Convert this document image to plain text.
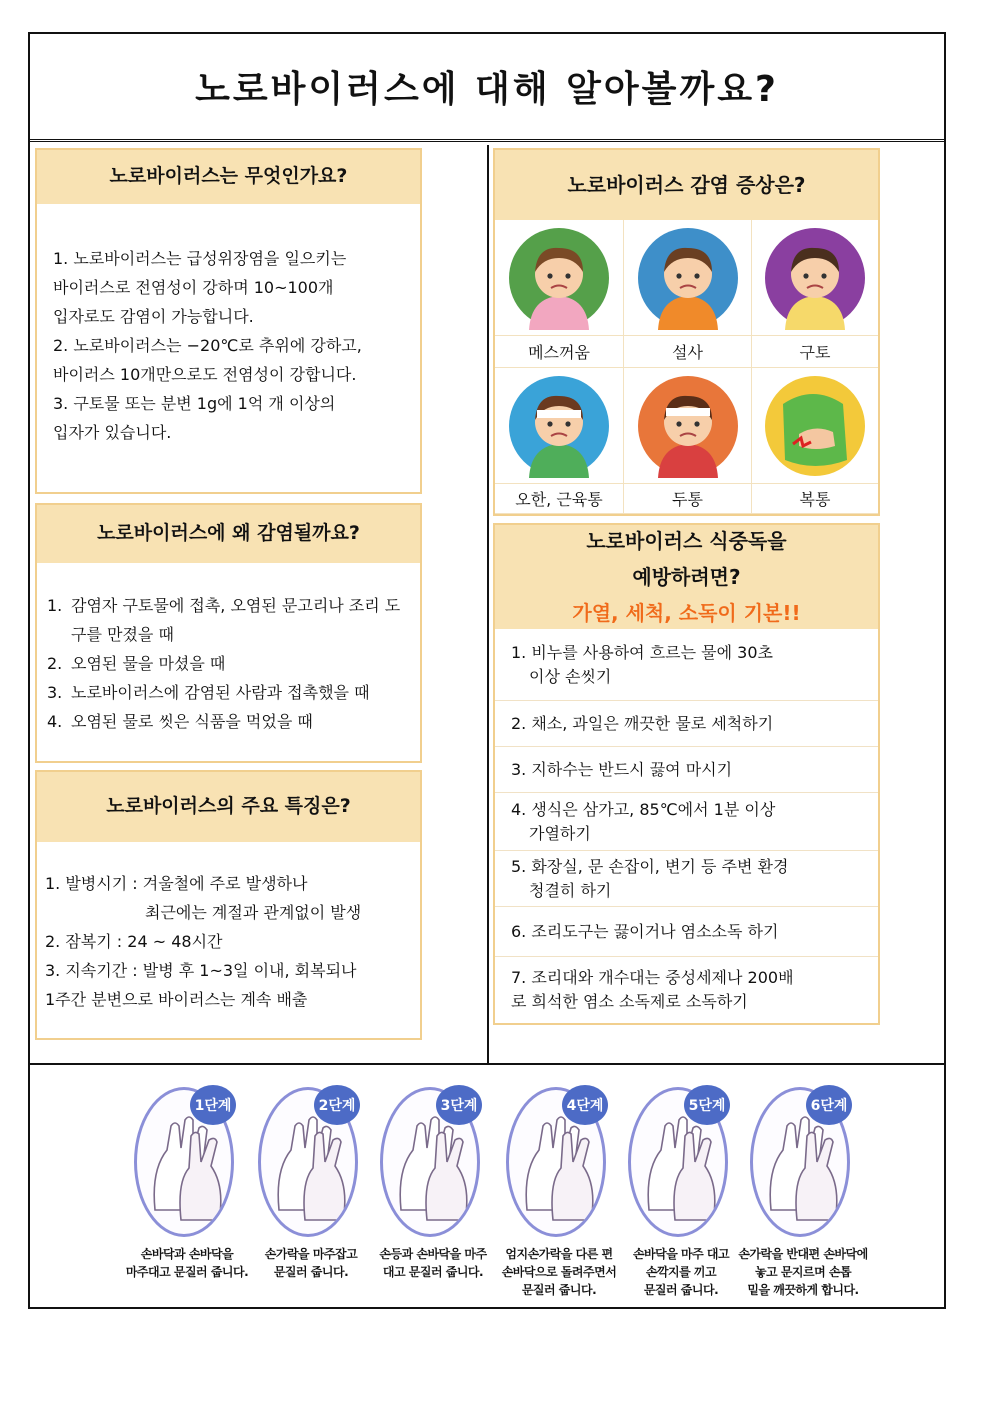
노로바이러스에 대해 알아볼까요?
노로바이러스는 무엇인가요?
1. 노로바이러스는 급성위장염을 일으키는
바이러스로 전염성이 강하며 10~100개
입자로도 감염이 가능합니다.
2. 노로바이러스는 −20℃로 추위에 강하고,
바이러스 10개만으로도 전염성이 강합니다.
3. 구토물 또는 분변 1g에 1억 개 이상의
입자가 있습니다.
노로바이러스에 왜 감염될까요?
1. 감염자 구토물에 접촉, 오염된 문고리나 조리 도구를 만졌을 때
2. 오염된 물을 마셨을 때
3. 노로바이러스에 감염된 사람과 접촉했을 때
4. 오염된 물로 씻은 식품을 먹었을 때
노로바이러스의 주요 특징은?
1. 발병시기 : 겨울철에 주로 발생하나
최근에는 계절과 관계없이 발생
2. 잠복기 : 24 ~ 48시간
3. 지속기간 : 발병 후 1~3일 이내, 회복되나
1주간 분변으로 바이러스는 계속 배출
노로바이러스 감염 증상은?
메스꺼움	설사	구토
오한, 근육통	두통	복통
노로바이러스 식중독을
예방하려면?
가열, 세척, 소독이 기본!!
1. 비누를 사용하여 흐르는 물에 30초
이상 손씻기
2. 채소, 과일은 깨끗한 물로 세척하기
3. 지하수는 반드시 끓여 마시기
4. 생식은 삼가고, 85℃에서 1분 이상
가열하기
5. 화장실, 문 손잡이, 변기 등 주변 환경
청결히 하기
6. 조리도구는 끓이거나 염소소독 하기
7. 조리대와 개수대는 중성세제나 200배
로 희석한 염소 소독제로 소독하기
1단계
손바닥과 손바닥을
마주대고 문질러 줍니다.
2단계
손가락을 마주잡고
문질러 줍니다.
3단계
손등과 손바닥을 마주
대고 문질러 줍니다.
4단계
엄지손가락을 다른 편
손바닥으로 돌려주면서
문질러 줍니다.
5단계
손바닥을 마주 대고
손깍지를 끼고
문질러 줍니다.
6단계
손가락을 반대편 손바닥에
놓고 문지르며 손톱
밑을 깨끗하게 합니다.
